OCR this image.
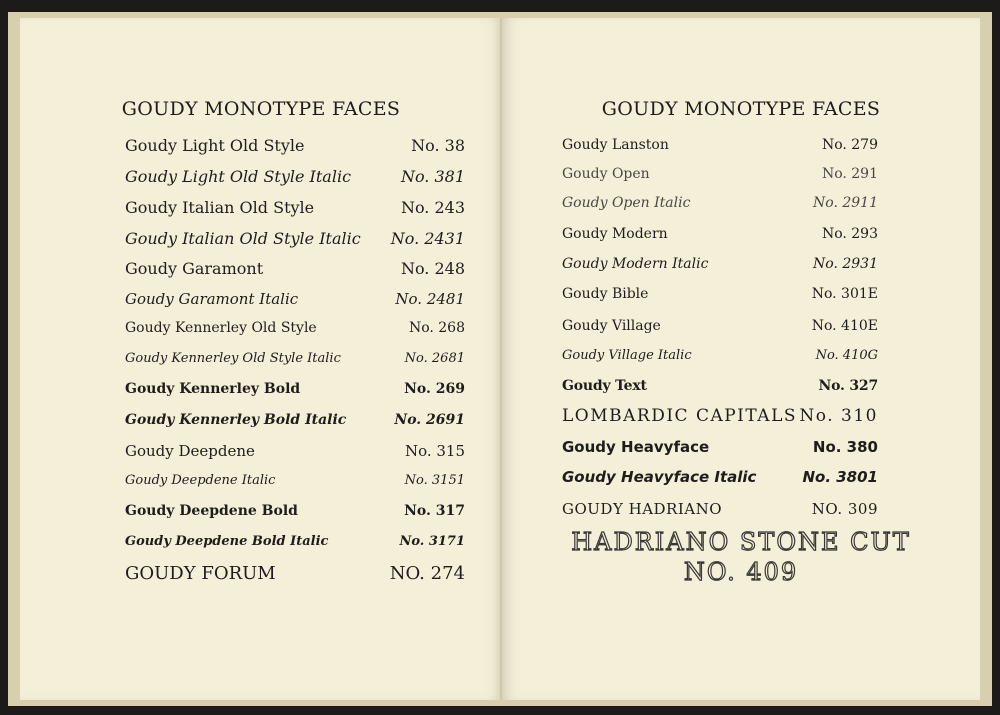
GOUDY MONOTYPE FACES
Goudy Light Old Style	No. 38
Goudy Light Old Style Italic	No. 381
Goudy Italian Old Style	No. 243
Goudy Italian Old Style Italic No. 2431
Goudy Garamont	No. 248
Goudy Garamont Italic	No. 2481
Goudy Kennerley Old Style	No. 268
Goudy Kennerley Old Style Italic	No. 2681
Goudy Kennerley Bold	No. 269
Goudy Kennerley Bold Italic	No. 2691
Goudy Deepdene	No. 315
Goudy Deepdene Italic	No. 3151
Goudy Deepdene Bold	No. 317
Goudy Deepdene Bold Italic	No. 3171
GOUDY FORUM	NO. 274
GOUDY MONOTYPE FACES
Goudy Lanston	No. 279
Goudy Open	No. 291
Goudy Open Italic	No. 2911
Goudy Modern	No. 293
Goudy Modern Italic	No. 2931
Goudy Bible	No. 301E
Goudy Village	No. 410E
Goudy Village Italic	No. 410G
Goudy Text	No. 327
LOMBARDIC CAPITALS No. 310
Goudy Heavyface	No. 380
Goudy Heavyface Italic	No. 3801
GOUDY HADRIANO	NO. 309
HADRIANO STONE CUT
NO. 409
